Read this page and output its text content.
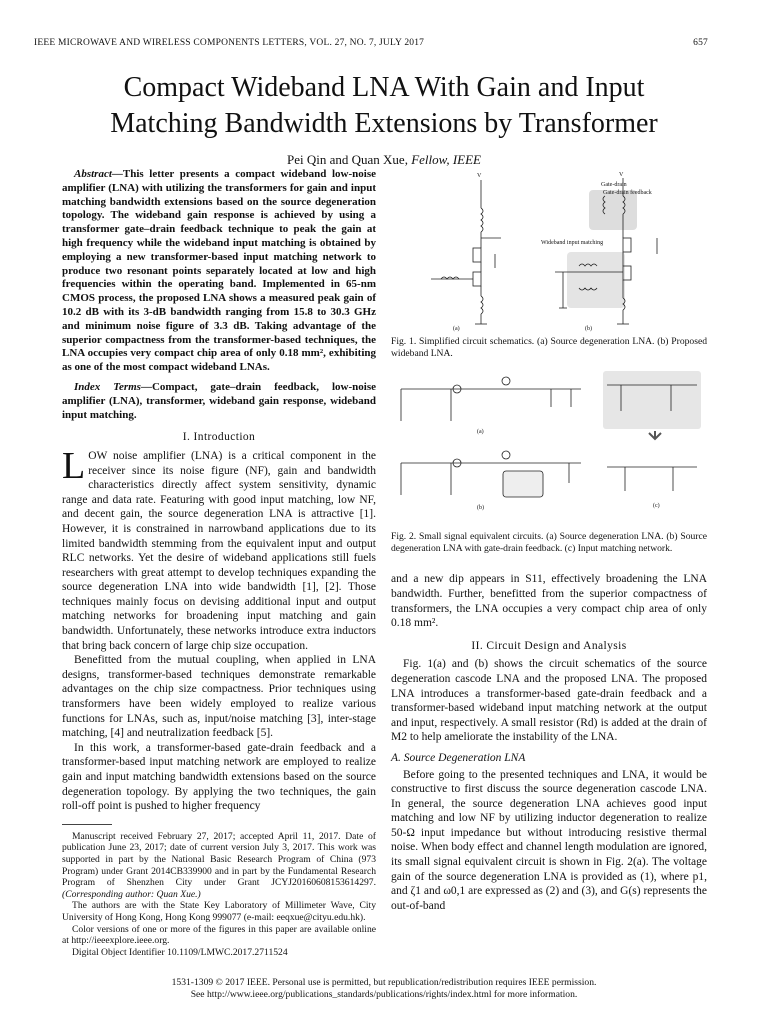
IEEE MICROWAVE AND WIRELESS COMPONENTS LETTERS, VOL. 27, NO. 7, JULY 2017	657
Compact Wideband LNA With Gain and Input
Matching Bandwidth Extensions by Transformer
Pei Qin and Quan Xue, Fellow, IEEE

Abstract—This letter presents a compact wideband low-noise amplifier (LNA) with utilizing the transformers for gain and input matching bandwidth extensions based on the source degeneration topology. The wideband gain response is achieved by using a transformer gate–drain feedback technique to peak the gain at high frequency while the wideband input matching is obtained by employing a new transformer-based input matching network to produce two resonant points separately located at low and high frequencies within the operating band. Implemented in 65-nm CMOS process, the proposed LNA shows a measured peak gain of 10.2 dB with its 3-dB bandwidth ranging from 15.8 to 30.3 GHz and minimum noise figure of 3.3 dB. Taking advantage of the superior compactness from the transformer-based techniques, the LNA occupies very compact chip area of only 0.18 mm², exhibiting as one of the most compact wideband LNAs.

Index Terms—Compact, gate–drain feedback, low-noise amplifier (LNA), transformer, wideband gain response, wideband input matching.

I. Introduction

LOW noise amplifier (LNA) is a critical component in the receiver since its noise figure (NF), gain and bandwidth characteristics directly affect system sensitivity, dynamic range and data rate. Featuring with good input matching, low NF, and decent gain, the source degeneration LNA is attractive [1]. However, it is constrained in narrowband applications due to its limited bandwidth stemming from the equivalent input and output RLC networks. Yet the desire of wideband applications still fuels researchers with great attempt to develop techniques expanding the source degeneration LNA into wide bandwidth [1], [2]. Those techniques mainly focus on devising additional input and output matching networks for broadening input matching and gain bandwidth. Unfortunately, these networks introduce extra inductors that bring back concern of large chip size occupation.

Benefitted from the mutual coupling, when applied in LNA designs, transformer-based techniques demonstrate remarkable advantages on the chip size compactness. Prior techniques using transformers have been widely employed to realize various functions for LNAs, such as, input/noise matching [3], inter-stage matching, [4] and neutralization feedback [5].

In this work, a transformer-based gate-drain feedback and a transformer-based input matching network are employed to realize gain and input matching bandwidth extensions based on the source degeneration topology. By applying the two techniques, the gain roll-off point is pushed to higher frequency

Manuscript received February 27, 2017; accepted April 11, 2017. Date of publication June 23, 2017; date of current version July 3, 2017. This work was supported in part by the National Basic Research Program of China (973 Program) under Grant 2014CB339900 and in part by the Fundamental Research Program of Shenzhen City under Grant JCYJ20160608153614297. (Corresponding author: Quan Xue.)

The authors are with the State Key Laboratory of Millimeter Wave, City University of Hong Kong, Hong Kong 999077 (e-mail: eeqxue@cityu.edu.hk).

Color versions of one or more of the figures in this paper are available online at http://ieeexplore.ieee.org.

Digital Object Identifier 10.1109/LMWC.2017.2711524

V	V
Gate-drain
Gate-drain feedback
Wideband input matching
(a)	(b)
Fig. 1. Simplified circuit schematics. (a) Source degeneration LNA. (b) Proposed wideband LNA.
(a)
(b)	(c)
Fig. 2. Small signal equivalent circuits. (a) Source degeneration LNA. (b) Source degeneration LNA with gate-drain feedback. (c) Input matching network.

and a new dip appears in S11, effectively broadening the LNA bandwidth. Further, benefitted from the superior compactness of transformers, the LNA occupies a very compact chip area of only 0.18 mm².

II. Circuit Design and Analysis

Fig. 1(a) and (b) shows the circuit schematics of the source degeneration cascode LNA and the proposed LNA. The proposed LNA introduces a transformer-based gate-drain feedback and a transformer-based wideband input matching network at the output and input, respectively. A small resistor (Rd) is added at the drain of M2 to help ameliorate the instability of the LNA.

A. Source Degeneration LNA

Before going to the presented techniques and LNA, it would be constructive to first discuss the source degeneration cascode LNA. In general, the source degeneration LNA achieves good input matching and low NF by utilizing inductor degeneration to realize 50-Ω input impedance but without introducing resistive thermal noise. When body effect and channel length modulation are ignored, its small signal equivalent circuit is shown in Fig. 2(a). The voltage gain of the source degeneration LNA is provided as (1), where p1, and ζ1 and ω0,1 are expressed as (2) and (3), and G(s) represents the out-of-band

1531-1309 © 2017 IEEE. Personal use is permitted, but republication/redistribution requires IEEE permission.
See http://www.ieee.org/publications_standards/publications/rights/index.html for more information.
